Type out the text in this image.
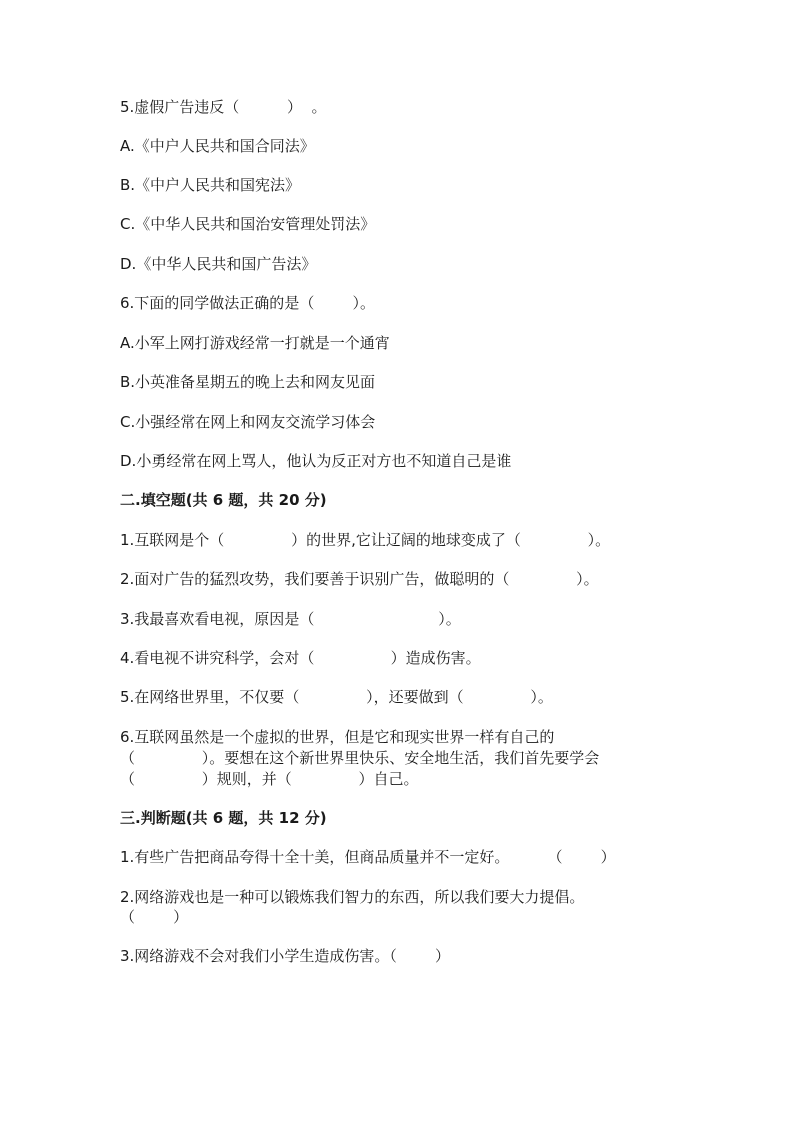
5.虚假广告违反（          ）  。
A.《中户人民共和国合同法》
B.《中户人民共和国宪法》
C.《中华人民共和国治安管理处罚法》
D.《中华人民共和国广告法》
6.下面的同学做法正确的是（        ）。
A.小军上网打游戏经常一打就是一个通宵
B.小英准备星期五的晚上去和网友见面
C.小强经常在网上和网友交流学习体会
D.小勇经常在网上骂人，他认为反正对方也不知道自己是谁
二.填空题(共 6 题，共 20 分)
1.互联网是个（              ）的世界,它让辽阔的地球变成了（              ）。
2.面对广告的猛烈攻势，我们要善于识别广告，做聪明的（              ）。
3.我最喜欢看电视，原因是（                          ）。
4.看电视不讲究科学，会对（                ）造成伤害。
5.在网络世界里，不仅要（              ），还要做到（              ）。
6.互联网虽然是一个虚拟的世界，但是它和现实世界一样有自己的
（              ）。要想在这个新世界里快乐、安全地生活，我们首先要学会
（              ）规则，并（              ）自己。
三.判断题(共 6 题，共 12 分)
1.有些广告把商品夸得十全十美，但商品质量并不一定好。        （        ）
2.网络游戏也是一种可以锻炼我们智力的东西，所以我们要大力提倡。
（        ）
3.网络游戏不会对我们小学生造成伤害。（        ）
